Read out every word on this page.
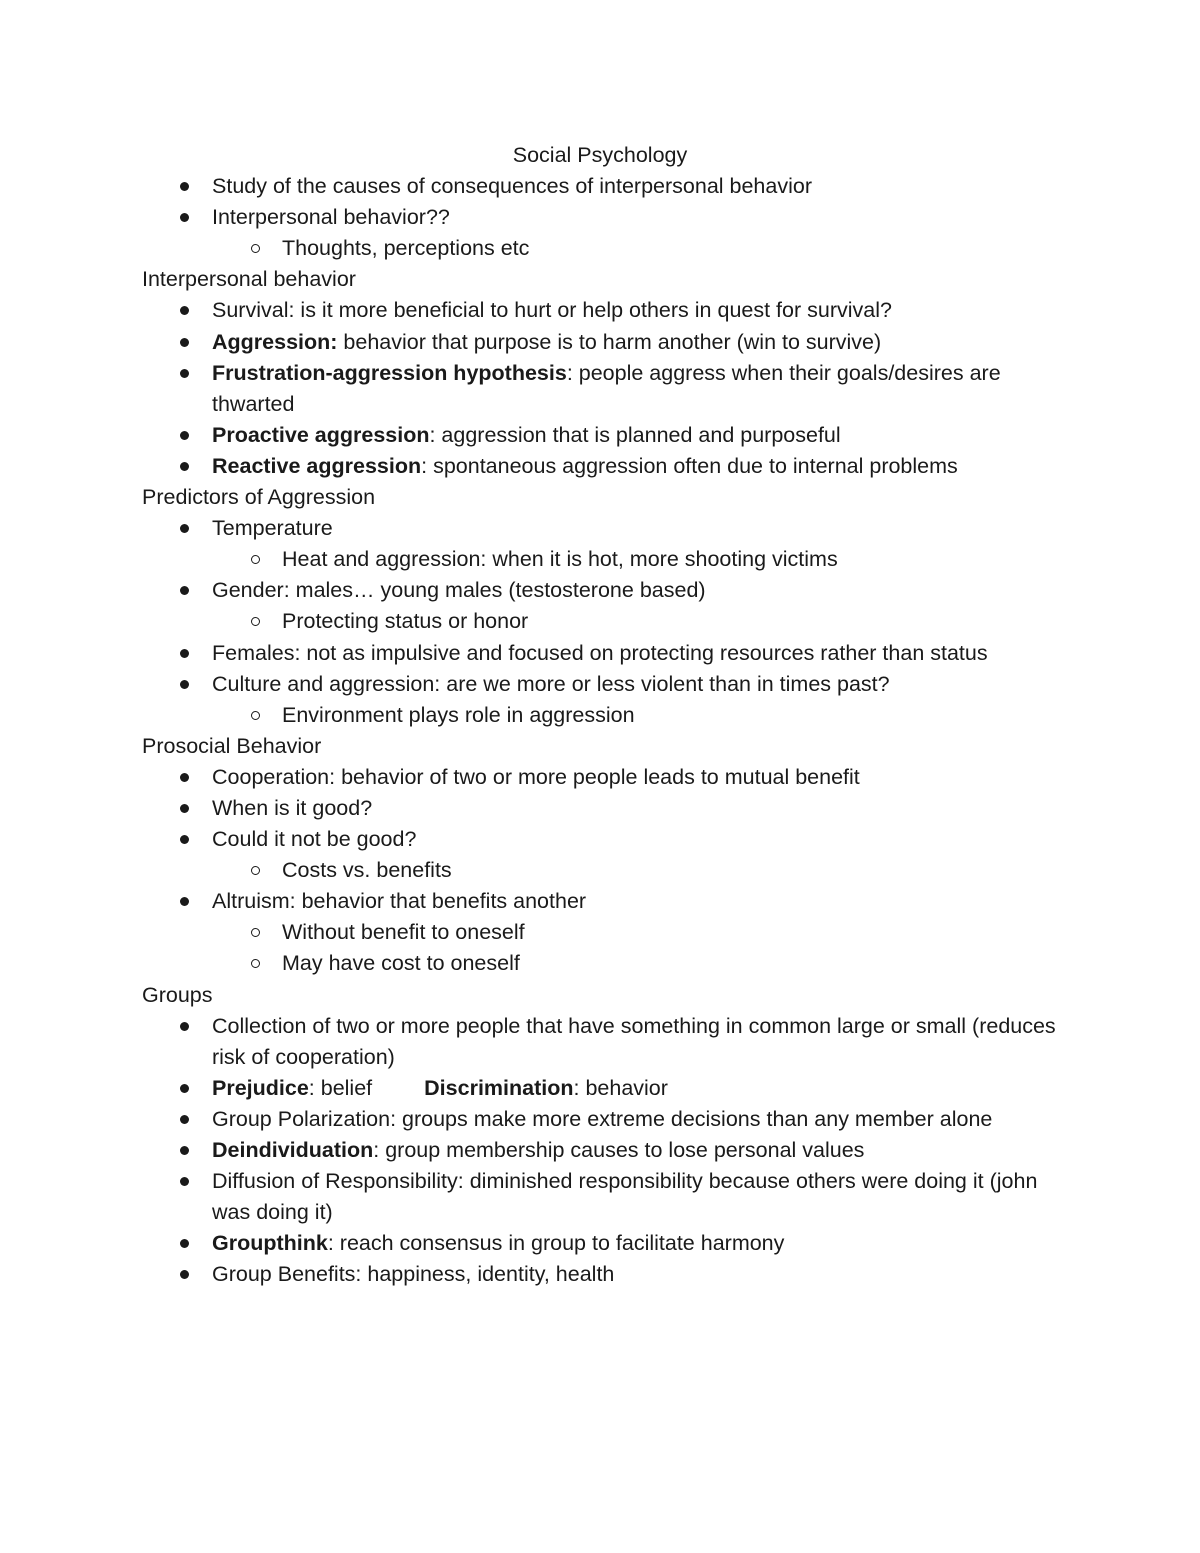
Social Psychology
Study of the causes of consequences of interpersonal behavior
Interpersonal behavior??
Thoughts, perceptions etc
Interpersonal behavior
Survival: is it more beneficial to hurt or help others in quest for survival?
Aggression: behavior that purpose is to harm another (win to survive)
Frustration-aggression hypothesis: people aggress when their goals/desires are thwarted
Proactive aggression: aggression that is planned and purposeful
Reactive aggression: spontaneous aggression often due to internal problems
Predictors of Aggression
Temperature
Heat and aggression: when it is hot, more shooting victims
Gender: males… young males (testosterone based)
Protecting status or honor
Females: not as impulsive and focused on protecting resources rather than status
Culture and aggression: are we more or less violent than in times past?
Environment plays role in aggression
Prosocial Behavior
Cooperation: behavior of two or more people leads to mutual benefit
When is it good?
Could it not be good?
Costs vs. benefits
Altruism: behavior that benefits another
Without benefit to oneself
May have cost to oneself
Groups
Collection of two or more people that have something in common large or small (reduces risk of cooperation)
Prejudice: belief Discrimination: behavior
Group Polarization: groups make more extreme decisions than any member alone
Deindividuation: group membership causes to lose personal values
Diffusion of Responsibility: diminished responsibility because others were doing it (john was doing it)
Groupthink: reach consensus in group to facilitate harmony
Group Benefits: happiness, identity, health
